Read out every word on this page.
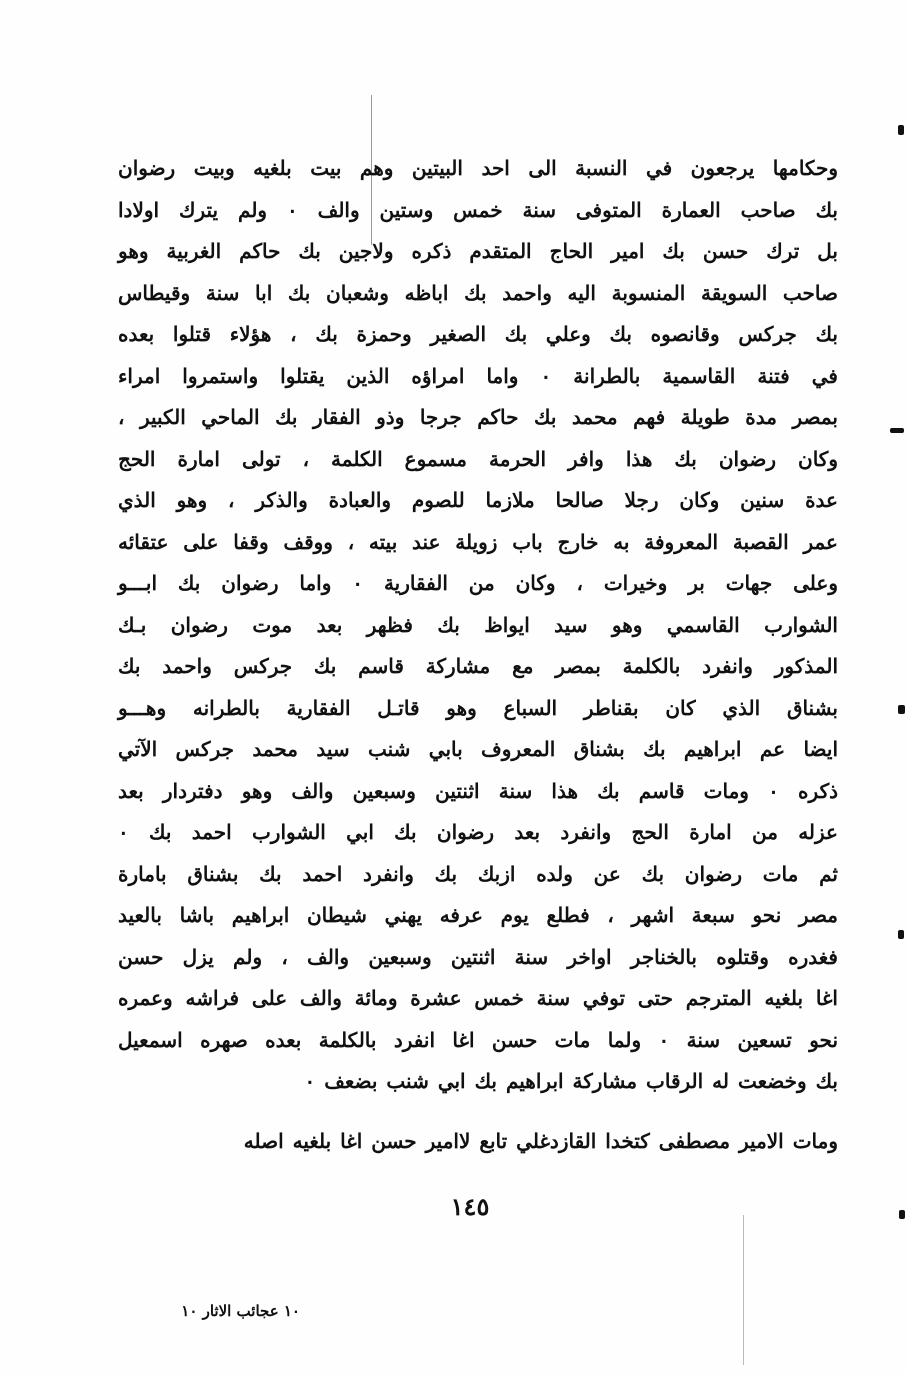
وحكامها يرجعون في النسبة الى احد البيتين وهم بيت بلغيه وبيت رضوان
بك صاحب العمارة المتوفى سنة خمس وستين والف ٠ ولم يترك اولادا
بل ترك حسن بك امير الحاج المتقدم ذكره ولاجين بك حاكم الغربية وهو
صاحب السويقة المنسوبة اليه واحمد بك اباظه وشعبان بك ابا سنة وقيطاس
بك جركس وقانصوه بك وعلي بك الصغير وحمزة بك ، هؤلاء قتلوا بعده
في فتنة القاسمية بالطرانة ٠ واما امراؤه الذين يقتلوا واستمروا امراء
بمصر مدة طويلة فهم محمد بك حاكم جرجا وذو الفقار بك الماحي الكبير ،
وكان رضوان بك هذا وافر الحرمة مسموع الكلمة ، تولى امارة الحج
عدة سنين وكان رجلا صالحا ملازما للصوم والعبادة والذكر ، وهو الذي
عمر القصبة المعروفة به خارج باب زويلة عند بيته ، ووقف وقفا على عتقائه
وعلى جهات بر وخيرات ، وكان من الفقارية ٠ واما رضوان بك ابـــو
الشوارب القاسمي وهو سيد ايواظ بك فظهر بعد موت رضوان بـك
المذكور وانفرد بالكلمة بمصر مع مشاركة قاسم بك جركس واحمد بك
بشناق الذي كان بقناطر السباع وهو قاتـل الفقارية بالطرانه وهـــو
ايضا عم ابراهيم بك بشناق المعروف بابي شنب سيد محمد جركس الآتي
ذكره ٠ ومات قاسم بك هذا سنة اثنتين وسبعين والف وهو دفتردار بعد
عزله من امارة الحج وانفرد بعد رضوان بك ابي الشوارب احمد بك ٠
ثم مات رضوان بك عن ولده ازبك بك وانفرد احمد بك بشناق بامارة
مصر نحو سبعة اشهر ، فطلع يوم عرفه يهني شيطان ابراهيم باشا بالعيد
فغدره وقتلوه بالخناجر اواخر سنة اثنتين وسبعين والف ، ولم يزل حسن
اغا بلغيه المترجم حتى توفي سنة خمس عشرة ومائة والف على فراشه وعمره
نحو تسعين سنة ٠ ولما مات حسن اغا انفرد بالكلمة بعده صهره اسمعيل
بك وخضعت له الرقاب مشاركة ابراهيم بك ابي شنب بضعف ٠
ومات الامير مصطفى كتخدا القازدغلي تابع لاامير حسن اغا بلغيه اصله
١٤٥
١٠ عجائب الاثار ١٠
